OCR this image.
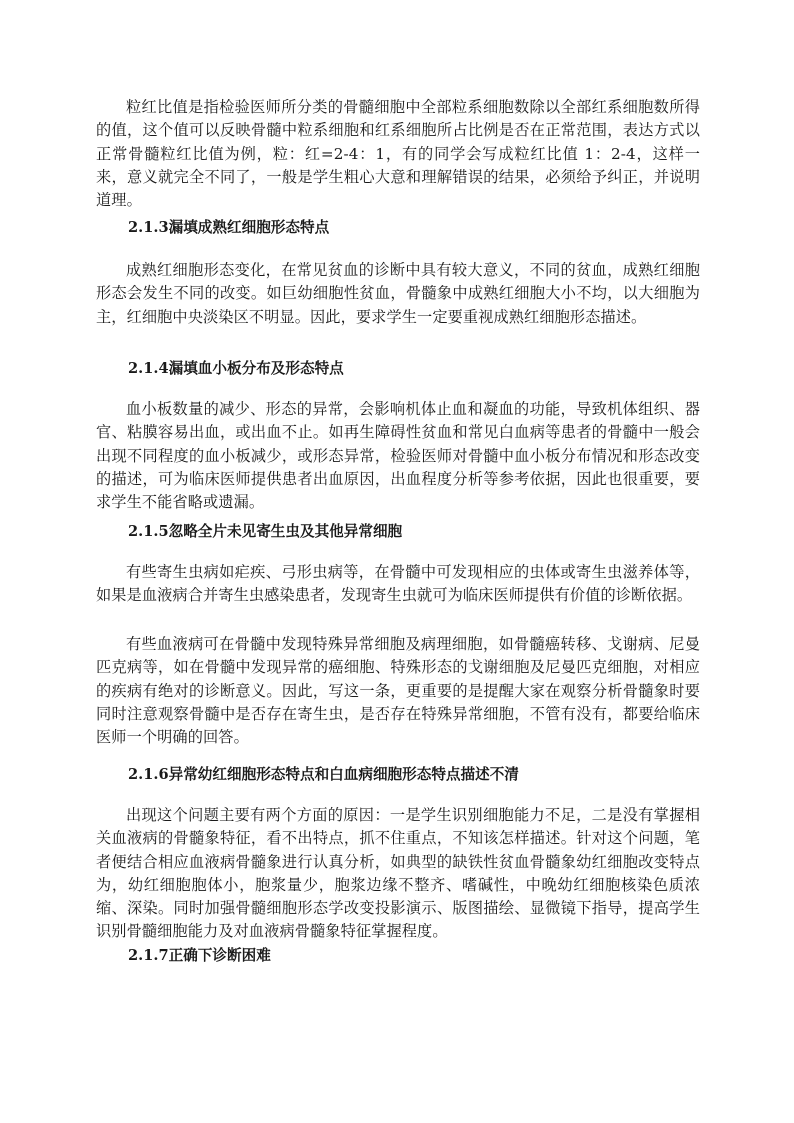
粒红比值是指检验医师所分类的骨髓细胞中全部粒系细胞数除以全部红系细胞数所得的值，这个值可以反映骨髓中粒系细胞和红系细胞所占比例是否在正常范围，表达方式以正常骨髓粒红比值为例，粒：红=2-4：1，有的同学会写成粒红比值 1：2-4，这样一来，意义就完全不同了，一般是学生粗心大意和理解错误的结果，必须给予纠正，并说明道理。

2.1.3漏填成熟红细胞形态特点

成熟红细胞形态变化，在常见贫血的诊断中具有较大意义，不同的贫血，成熟红细胞形态会发生不同的改变。如巨幼细胞性贫血，骨髓象中成熟红细胞大小不均，以大细胞为主，红细胞中央淡染区不明显。因此，要求学生一定要重视成熟红细胞形态描述。

2.1.4漏填血小板分布及形态特点

血小板数量的减少、形态的异常，会影响机体止血和凝血的功能，导致机体组织、器官、粘膜容易出血，或出血不止。如再生障碍性贫血和常见白血病等患者的骨髓中一般会出现不同程度的血小板减少，或形态异常，检验医师对骨髓中血小板分布情况和形态改变的描述，可为临床医师提供患者出血原因，出血程度分析等参考依据，因此也很重要，要求学生不能省略或遗漏。

2.1.5忽略全片未见寄生虫及其他异常细胞

有些寄生虫病如疟疾、弓形虫病等，在骨髓中可发现相应的虫体或寄生虫滋养体等，如果是血液病合并寄生虫感染患者，发现寄生虫就可为临床医师提供有价值的诊断依据。

有些血液病可在骨髓中发现特殊异常细胞及病理细胞，如骨髓癌转移、戈谢病、尼曼匹克病等，如在骨髓中发现异常的癌细胞、特殊形态的戈谢细胞及尼曼匹克细胞，对相应的疾病有绝对的诊断意义。因此，写这一条，更重要的是提醒大家在观察分析骨髓象时要同时注意观察骨髓中是否存在寄生虫，是否存在特殊异常细胞，不管有没有，都要给临床医师一个明确的回答。

2.1.6异常幼红细胞形态特点和白血病细胞形态特点描述不清

出现这个问题主要有两个方面的原因：一是学生识别细胞能力不足，二是没有掌握相关血液病的骨髓象特征，看不出特点，抓不住重点，不知该怎样描述。针对这个问题，笔者便结合相应血液病骨髓象进行认真分析，如典型的缺铁性贫血骨髓象幼红细胞改变特点为，幼红细胞胞体小，胞浆量少，胞浆边缘不整齐、嗜碱性，中晚幼红细胞核染色质浓缩、深染。同时加强骨髓细胞形态学改变投影演示、版图描绘、显微镜下指导，提高学生识别骨髓细胞能力及对血液病骨髓象特征掌握程度。

2.1.7正确下诊断困难
